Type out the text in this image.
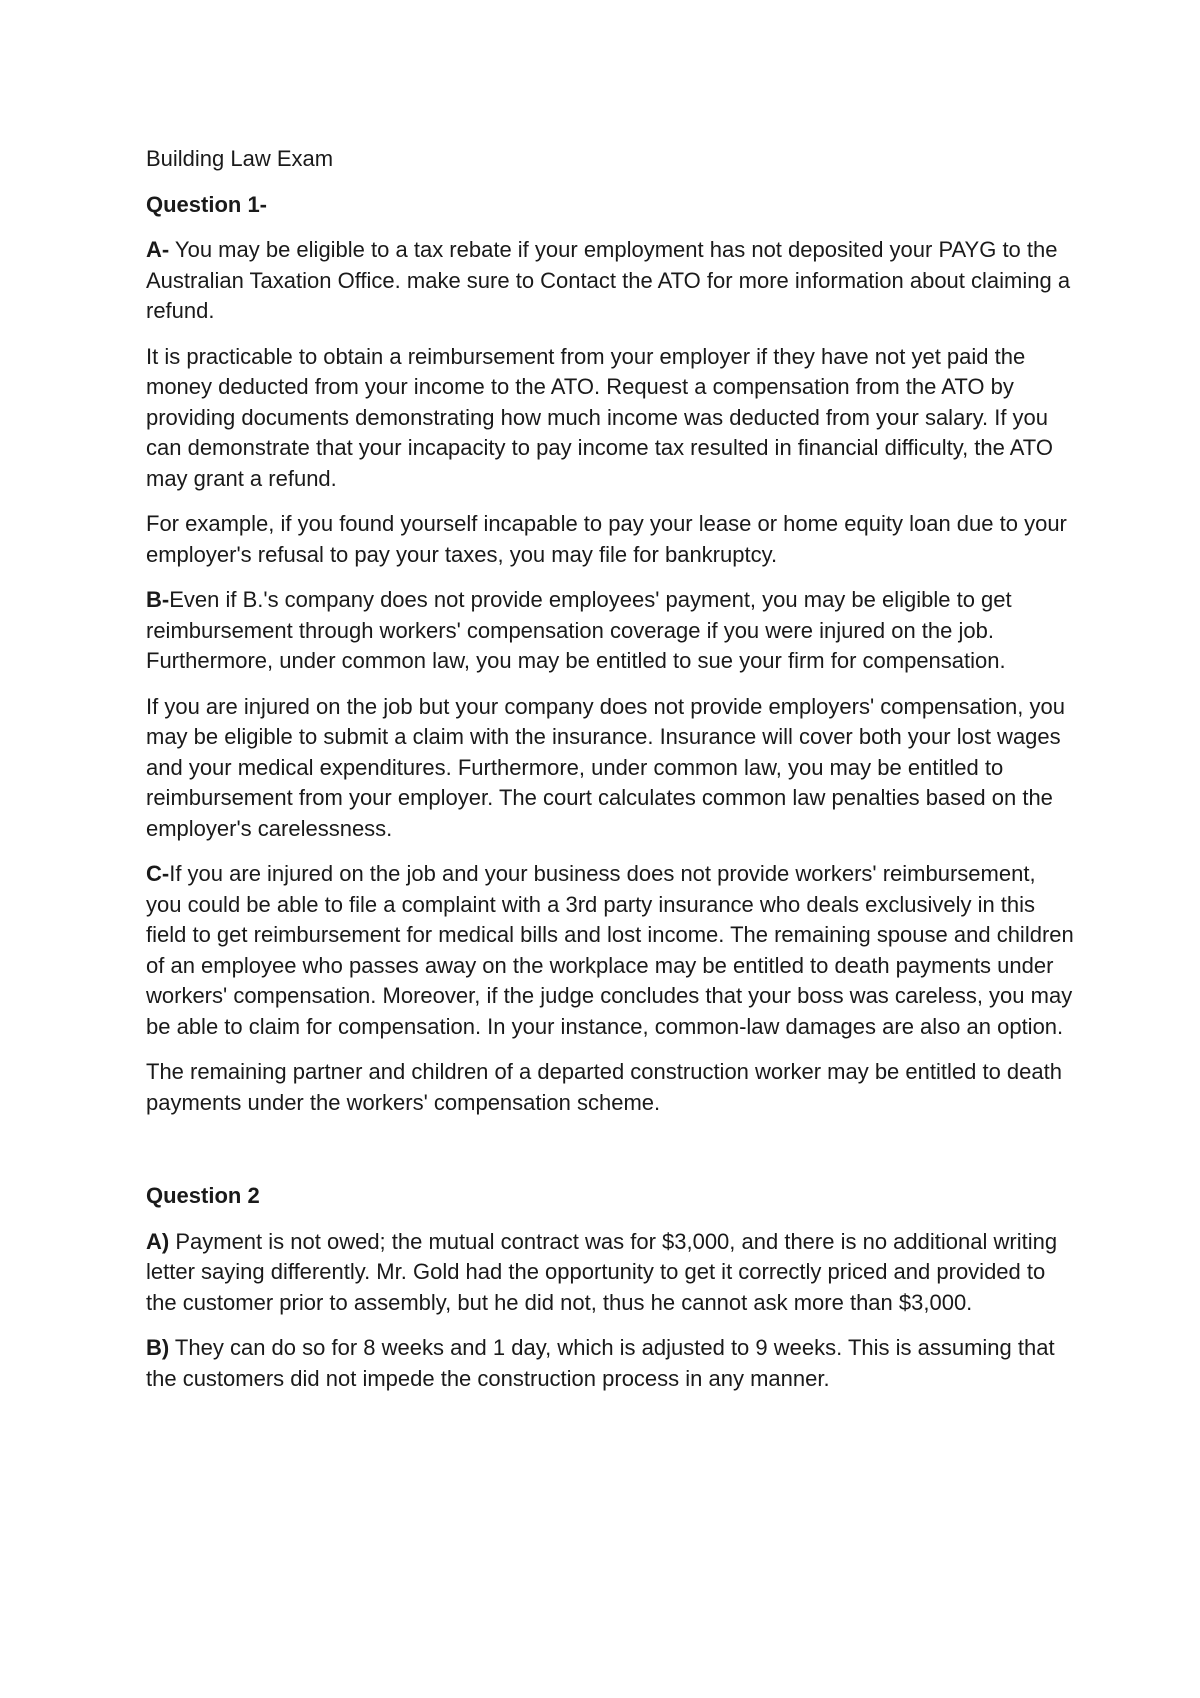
Building Law Exam
Question 1-

A- You may be eligible to a tax rebate if your employment has not deposited your PAYG to the Australian Taxation Office. make sure to Contact the ATO for more information about claiming a refund.

It is practicable to obtain a reimbursement from your employer if they have not yet paid the money deducted from your income to the ATO. Request a compensation from the ATO by providing documents demonstrating how much income was deducted from your salary. If you can demonstrate that your incapacity to pay income tax resulted in financial difficulty, the ATO may grant a refund.

For example, if you found yourself incapable to pay your lease or home equity loan due to your employer's refusal to pay your taxes, you may file for bankruptcy.

B-Even if B.'s company does not provide employees' payment, you may be eligible to get reimbursement through workers' compensation coverage if you were injured on the job. Furthermore, under common law, you may be entitled to sue your firm for compensation.

If you are injured on the job but your company does not provide employers' compensation, you may be eligible to submit a claim with the insurance. Insurance will cover both your lost wages and your medical expenditures. Furthermore, under common law, you may be entitled to reimbursement from your employer. The court calculates common law penalties based on the employer's carelessness.

C-If you are injured on the job and your business does not provide workers' reimbursement, you could be able to file a complaint with a 3rd party insurance who deals exclusively in this field to get reimbursement for medical bills and lost income. The remaining spouse and children of an employee who passes away on the workplace may be entitled to death payments under workers' compensation. Moreover, if the judge concludes that your boss was careless, you may be able to claim for compensation. In your instance, common-law damages are also an option.

The remaining partner and children of a departed construction worker may be entitled to death payments under the workers' compensation scheme.

Question 2

A) Payment is not owed; the mutual contract was for $3,000, and there is no additional writing letter saying differently. Mr. Gold had the opportunity to get it correctly priced and provided to the customer prior to assembly, but he did not, thus he cannot ask more than $3,000.

B) They can do so for 8 weeks and 1 day, which is adjusted to 9 weeks. This is assuming that the customers did not impede the construction process in any manner.
